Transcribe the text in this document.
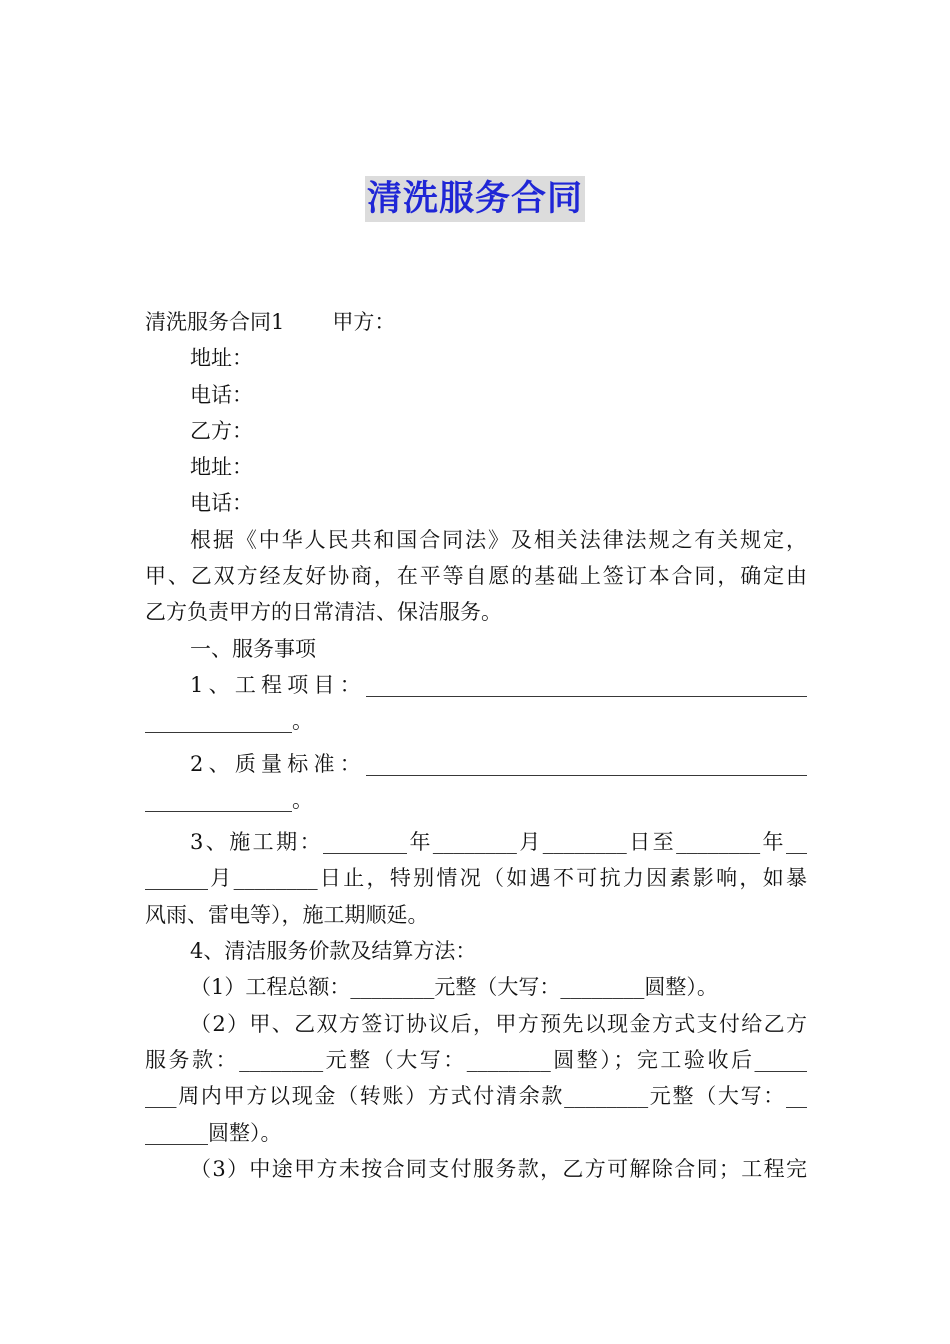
清洗服务合同
清洗服务合同1 甲方：
地址：
电话：
乙方：
地址：
电话：
根据《中华人民共和国合同法》及相关法律法规之有关规定，
甲、乙双方经友好协商，在平等自愿的基础上签订本合同，确定由
乙方负责甲方的日常清洁、保洁服务。
一、服务事项
1、工程项目：__________________________________________
______________。
2、质量标准：__________________________________________
______________。
3、施工期：________年________月________日至________年__
______月________日止，特别情况（如遇不可抗力因素影响，如暴
风雨、雷电等），施工期顺延。
4、清洁服务价款及结算方法：
（1）工程总额：________元整（大写：________圆整）。
（2）甲、乙双方签订协议后，甲方预先以现金方式支付给乙方
服务款：________元整（大写：________圆整）；完工验收后_____
___周内甲方以现金（转账）方式付清余款________元整（大写：__
______圆整）。
（3）中途甲方未按合同支付服务款，乙方可解除合同；工程完
